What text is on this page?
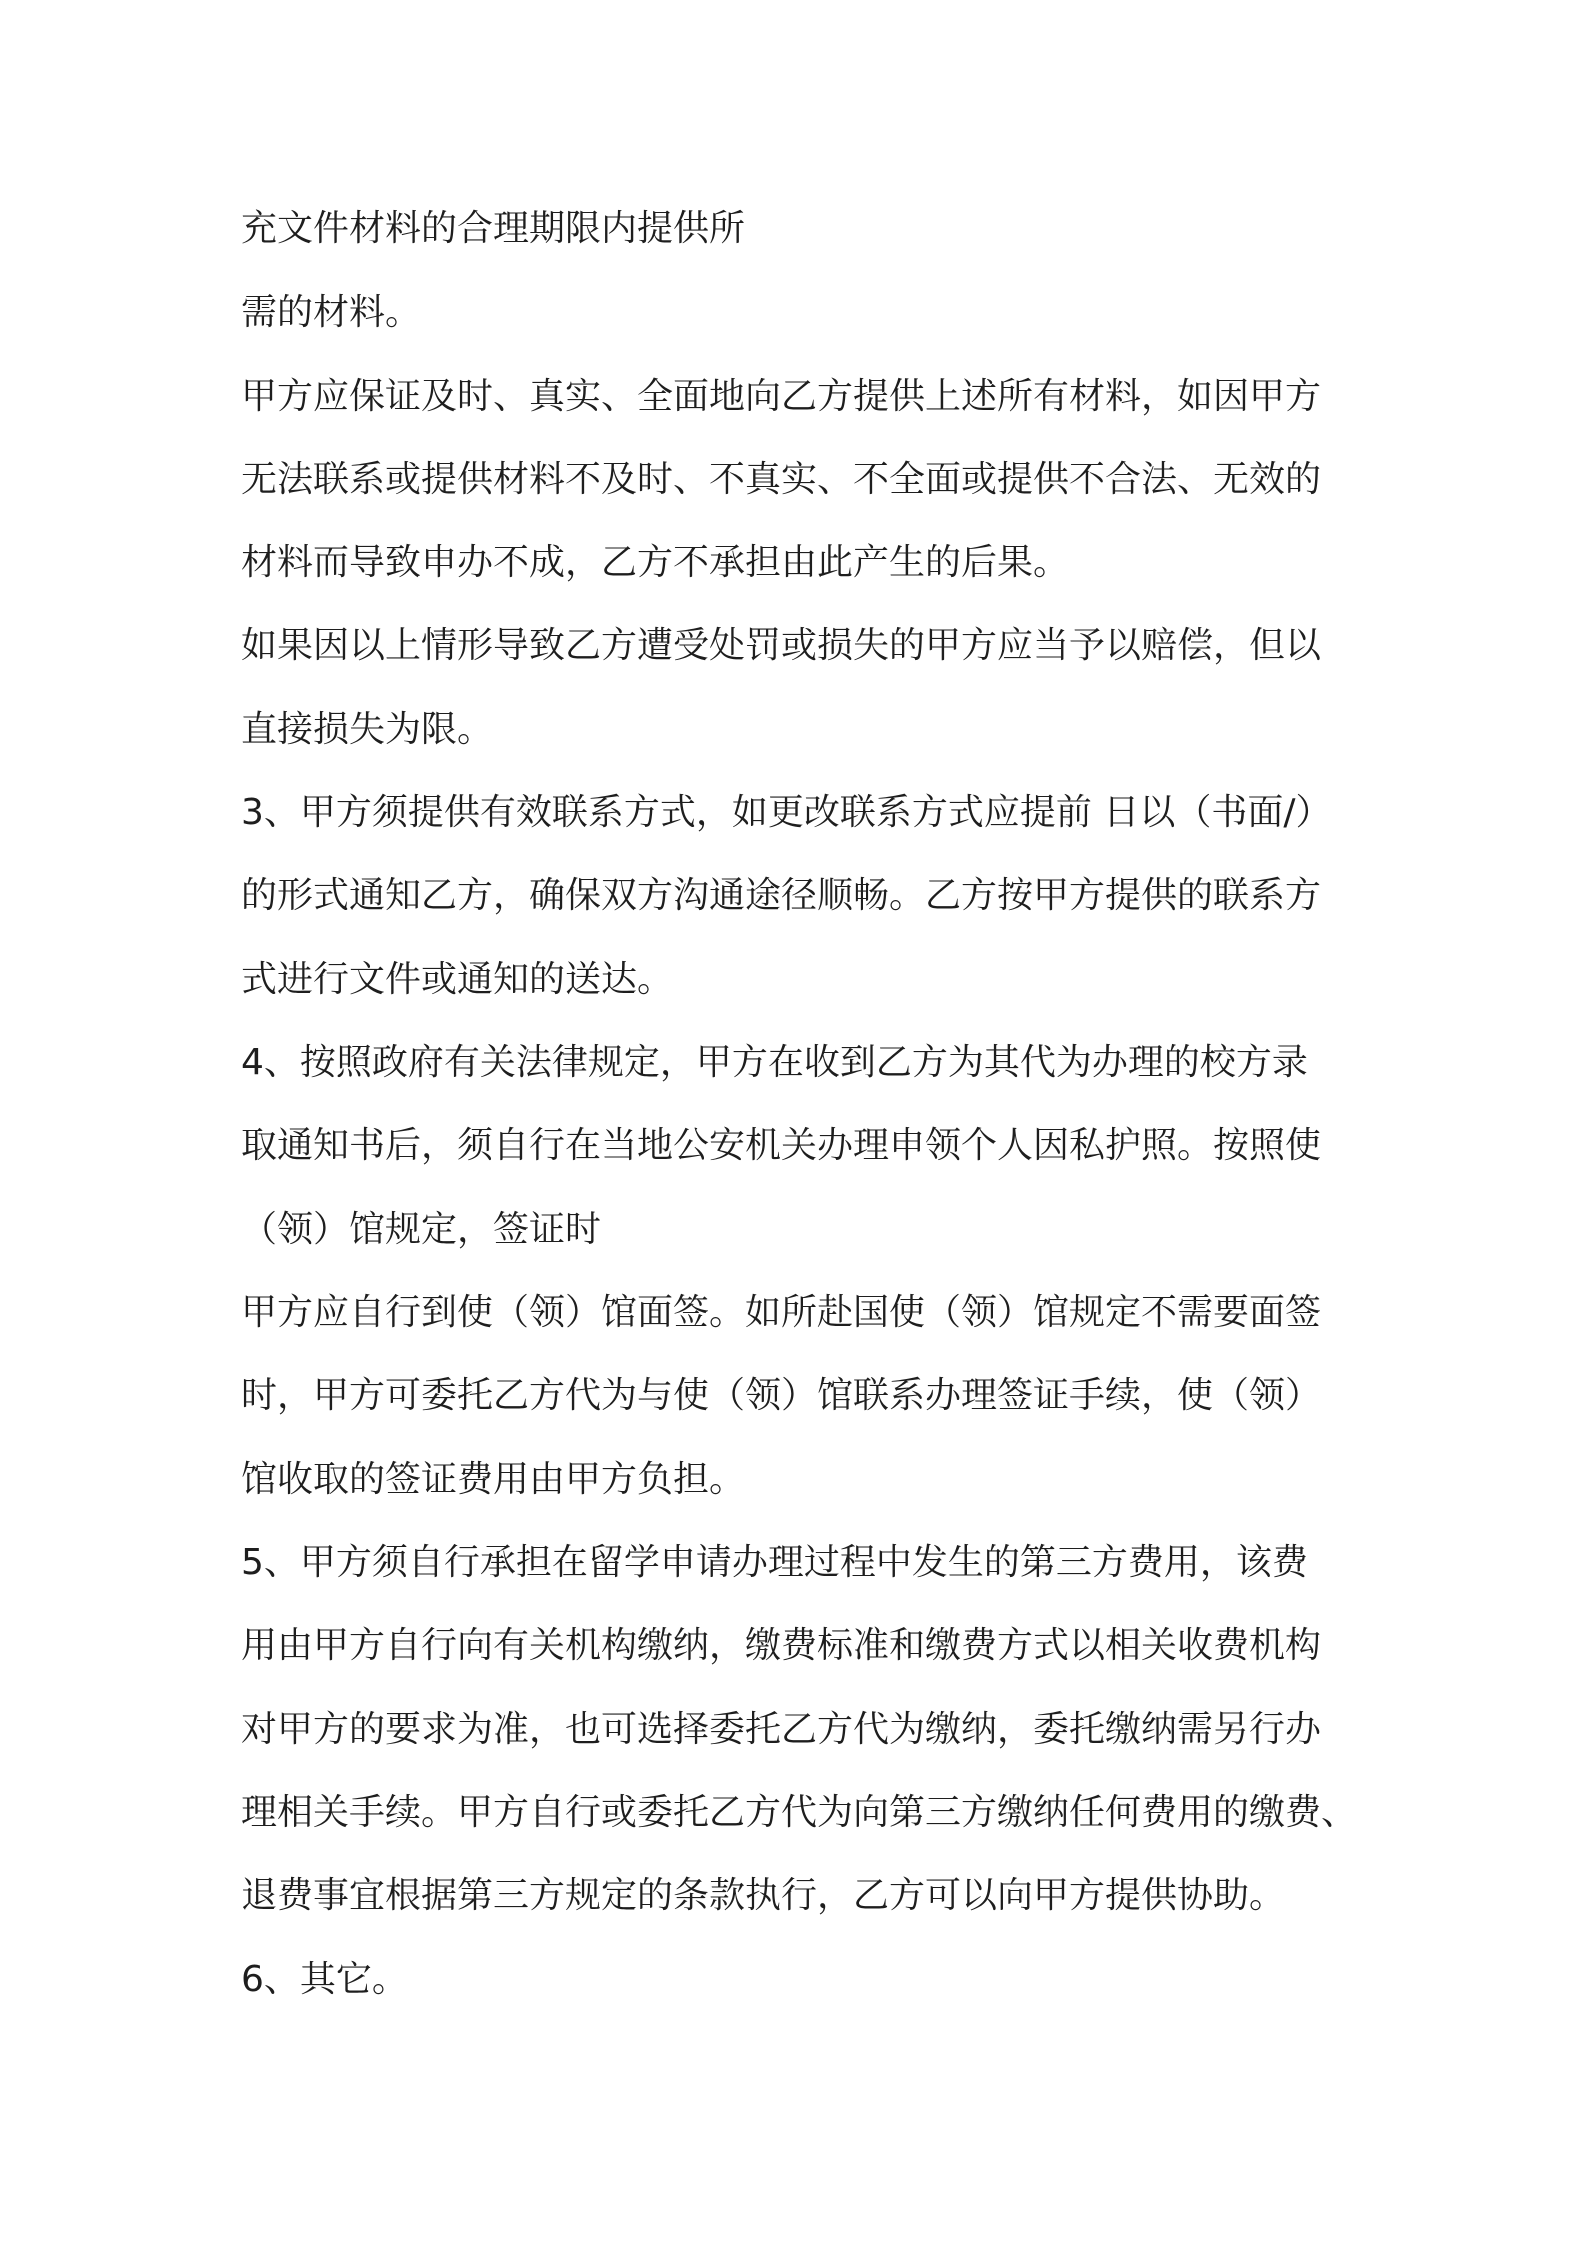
充文件材料的合理期限内提供所

需的材料。

甲方应保证及时、真实、全面地向乙方提供上述所有材料，如因甲方

无法联系或提供材料不及时、不真实、不全面或提供不合法、无效的

材料而导致申办不成，乙方不承担由此产生的后果。

如果因以上情形导致乙方遭受处罚或损失的甲方应当予以赔偿，但以

直接损失为限。

3、甲方须提供有效联系方式，如更改联系方式应提前 日以（书面/）

的形式通知乙方，确保双方沟通途径顺畅。乙方按甲方提供的联系方

式进行文件或通知的送达。

4、按照政府有关法律规定，甲方在收到乙方为其代为办理的校方录

取通知书后，须自行在当地公安机关办理申领个人因私护照。按照使

（领）馆规定，签证时

甲方应自行到使（领）馆面签。如所赴国使（领）馆规定不需要面签

时，甲方可委托乙方代为与使（领）馆联系办理签证手续，使（领）

馆收取的签证费用由甲方负担。

5、甲方须自行承担在留学申请办理过程中发生的第三方费用，该费

用由甲方自行向有关机构缴纳，缴费标准和缴费方式以相关收费机构

对甲方的要求为准，也可选择委托乙方代为缴纳，委托缴纳需另行办

理相关手续。甲方自行或委托乙方代为向第三方缴纳任何费用的缴费、

退费事宜根据第三方规定的条款执行，乙方可以向甲方提供协助。

6、其它。
